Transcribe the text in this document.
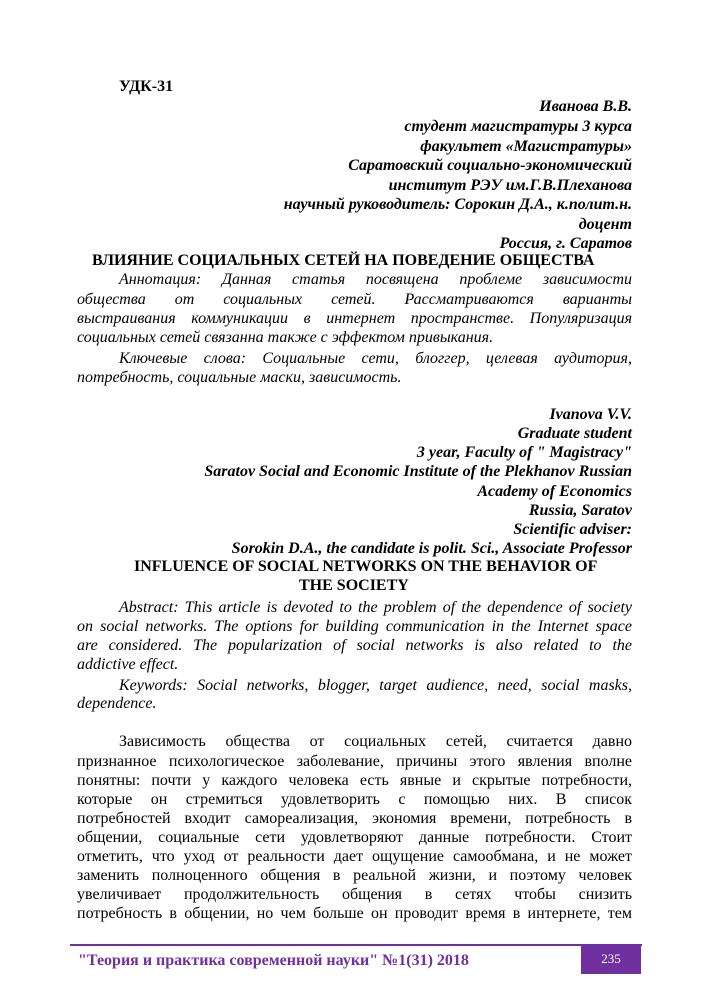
УДК-31
Иванова В.В.
студент магистратуры 3 курса
факультет «Магистратуры»
Саратовский социально-экономический
институт РЭУ им.Г.В.Плеханова
научный руководитель: Сорокин Д.А., к.полит.н.
доцент
Россия, г. Саратов
ВЛИЯНИЕ СОЦИАЛЬНЫХ СЕТЕЙ НА ПОВЕДЕНИЕ ОБЩЕСТВА
Аннотация: Данная статья посвящена проблеме зависимости
общества от социальных сетей. Рассматриваются варианты
выстраивания коммуникации в интернет пространстве. Популяризация
социальных сетей связанна также с эффектом привыкания.
Ключевые слова: Социальные сети, блоггер, целевая аудитория,
потребность, социальные маски, зависимость.
Ivanova V.V.
Graduate student
3 year, Faculty of " Magistracy"
Saratov Social and Economic Institute of the Plekhanov Russian
Academy of Economics
Russia, Saratov
Scientific adviser:
Sorokin D.A., the candidate is polit. Sci., Associate Professor
INFLUENCE OF SOCIAL NETWORKS ON THE BEHAVIOR OF
THE SOCIETY
Abstract: This article is devoted to the problem of the dependence of society
on social networks. The options for building communication in the Internet space
are considered. The popularization of social networks is also related to the
addictive effect.
Keywords: Social networks, blogger, target audience, need, social masks,
dependence.
Зависимость общества от социальных сетей, считается давно
признанное психологическое заболевание, причины этого явления вполне
понятны: почти у каждого человека есть явные и скрытые потребности,
которые он стремиться удовлетворить с помощью них. В список
потребностей входит самореализация, экономия времени, потребность в
общении, социальные сети удовлетворяют данные потребности. Стоит
отметить, что уход от реальности дает ощущение самообмана, и не может
заменить полноценного общения в реальной жизни, и поэтому человек
увеличивает продолжительность общения в сетях чтобы снизить
потребность в общении, но чем больше он проводит время в интернете, тем
"Теория и практика современной науки" №1(31) 2018	235
